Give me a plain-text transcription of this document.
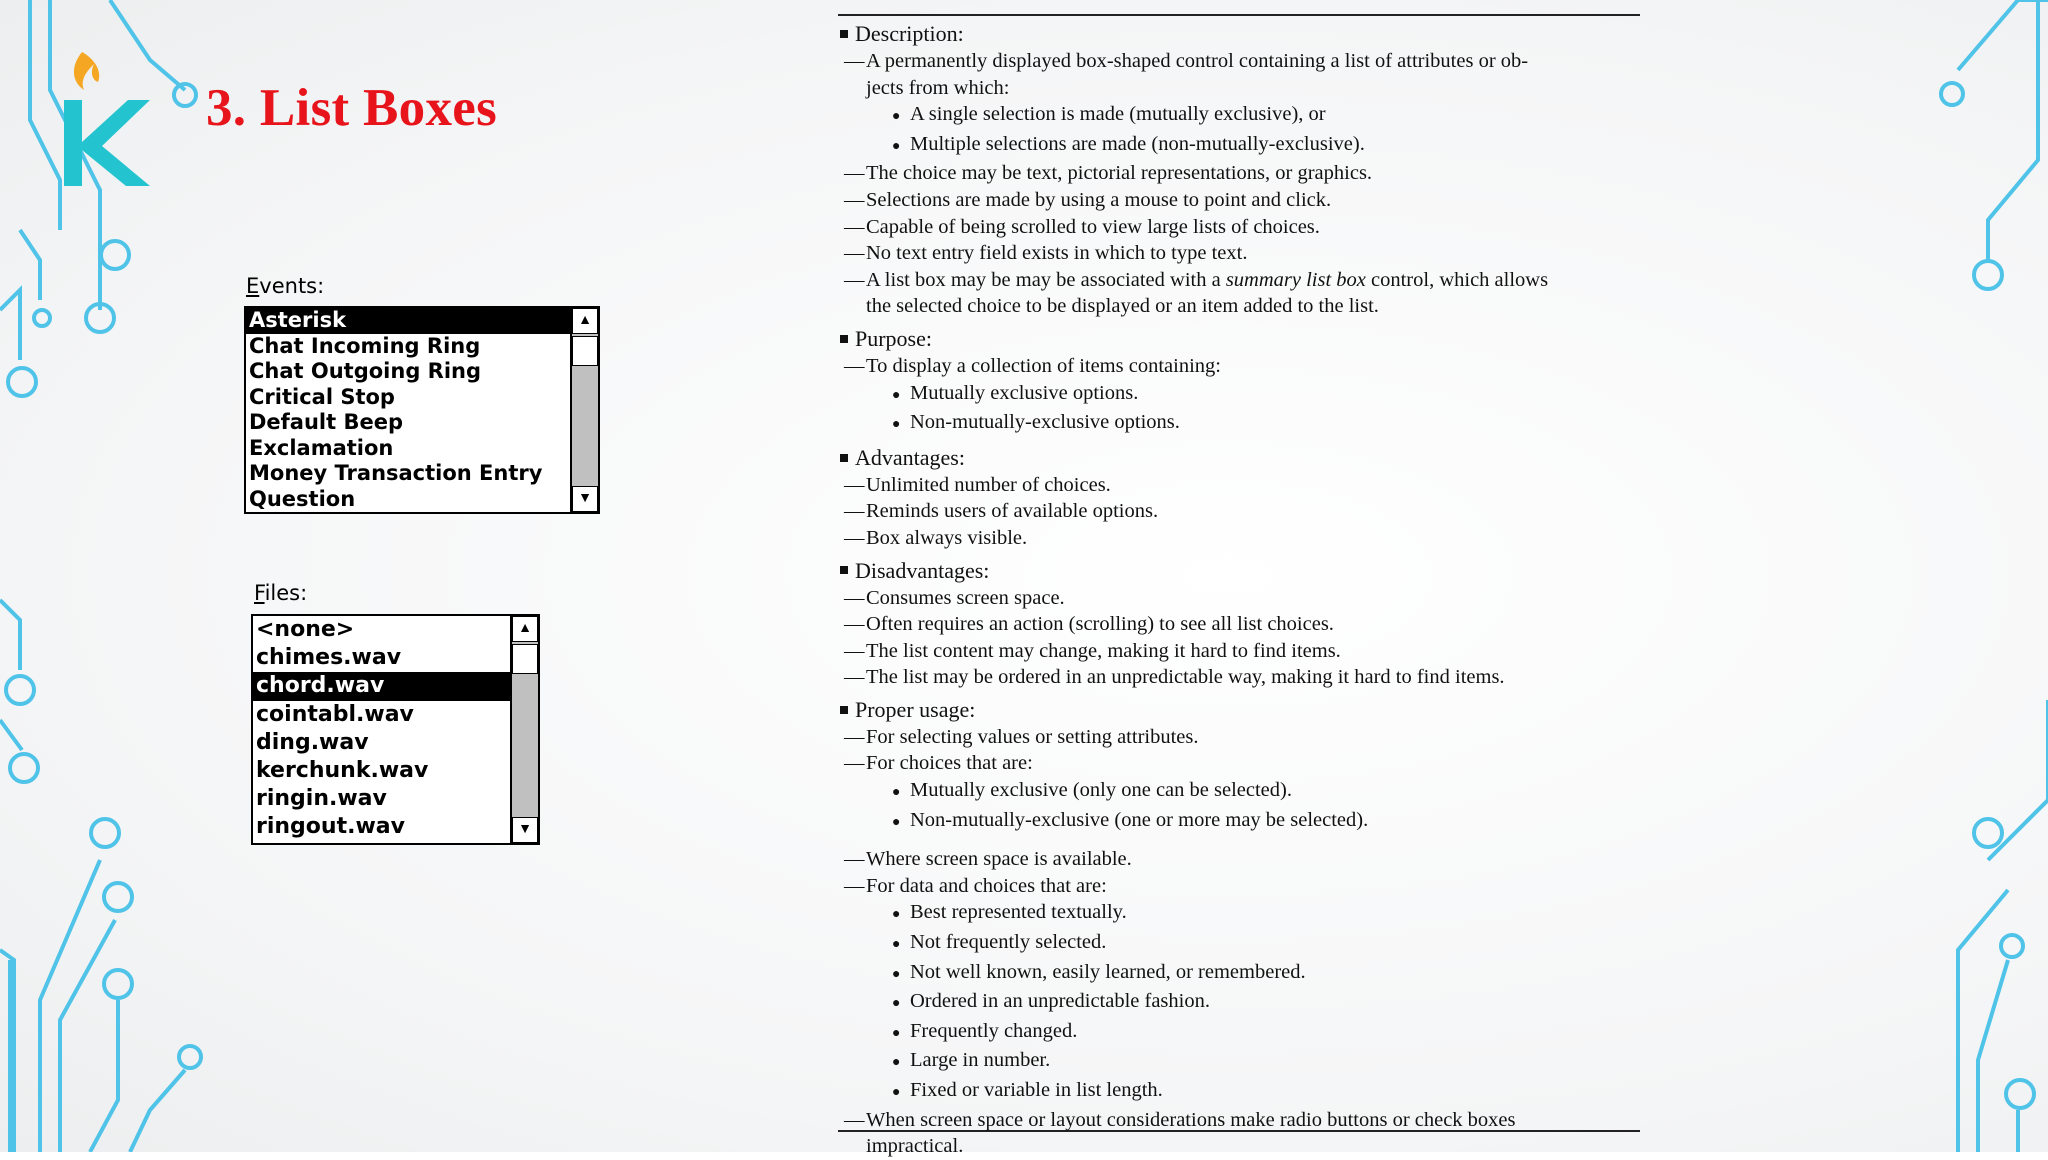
3. List Boxes
Events:
Asterisk
Chat Incoming Ring
Chat Outgoing Ring
Critical Stop
Default Beep
Exclamation
Money Transaction Entry
Question
▲
▼
Files:
<none>
chimes.wav
chord.wav
cointabl.wav
ding.wav
kerchunk.wav
ringin.wav
ringout.wav
▲
▼
Description:
—A permanently displayed box-shaped control containing a list of attributes or ob-
jects from which:
● A single selection is made (mutually exclusive), or
● Multiple selections are made (non-mutually-exclusive).
—The choice may be text, pictorial representations, or graphics.
—Selections are made by using a mouse to point and click.
—Capable of being scrolled to view large lists of choices.
—No text entry field exists in which to type text.
—A list box may be may be associated with a summary list box control, which allows
the selected choice to be displayed or an item added to the list.
Purpose:
—To display a collection of items containing:
● Mutually exclusive options.
● Non-mutually-exclusive options.
Advantages:
—Unlimited number of choices.
—Reminds users of available options.
—Box always visible.
Disadvantages:
—Consumes screen space.
—Often requires an action (scrolling) to see all list choices.
—The list content may change, making it hard to find items.
—The list may be ordered in an unpredictable way, making it hard to find items.
Proper usage:
—For selecting values or setting attributes.
—For choices that are:
● Mutually exclusive (only one can be selected).
● Non-mutually-exclusive (one or more may be selected).
—Where screen space is available.
—For data and choices that are:
● Best represented textually.
● Not frequently selected.
● Not well known, easily learned, or remembered.
● Ordered in an unpredictable fashion.
● Frequently changed.
● Large in number.
● Fixed or variable in list length.
—When screen space or layout considerations make radio buttons or check boxes
impractical.
